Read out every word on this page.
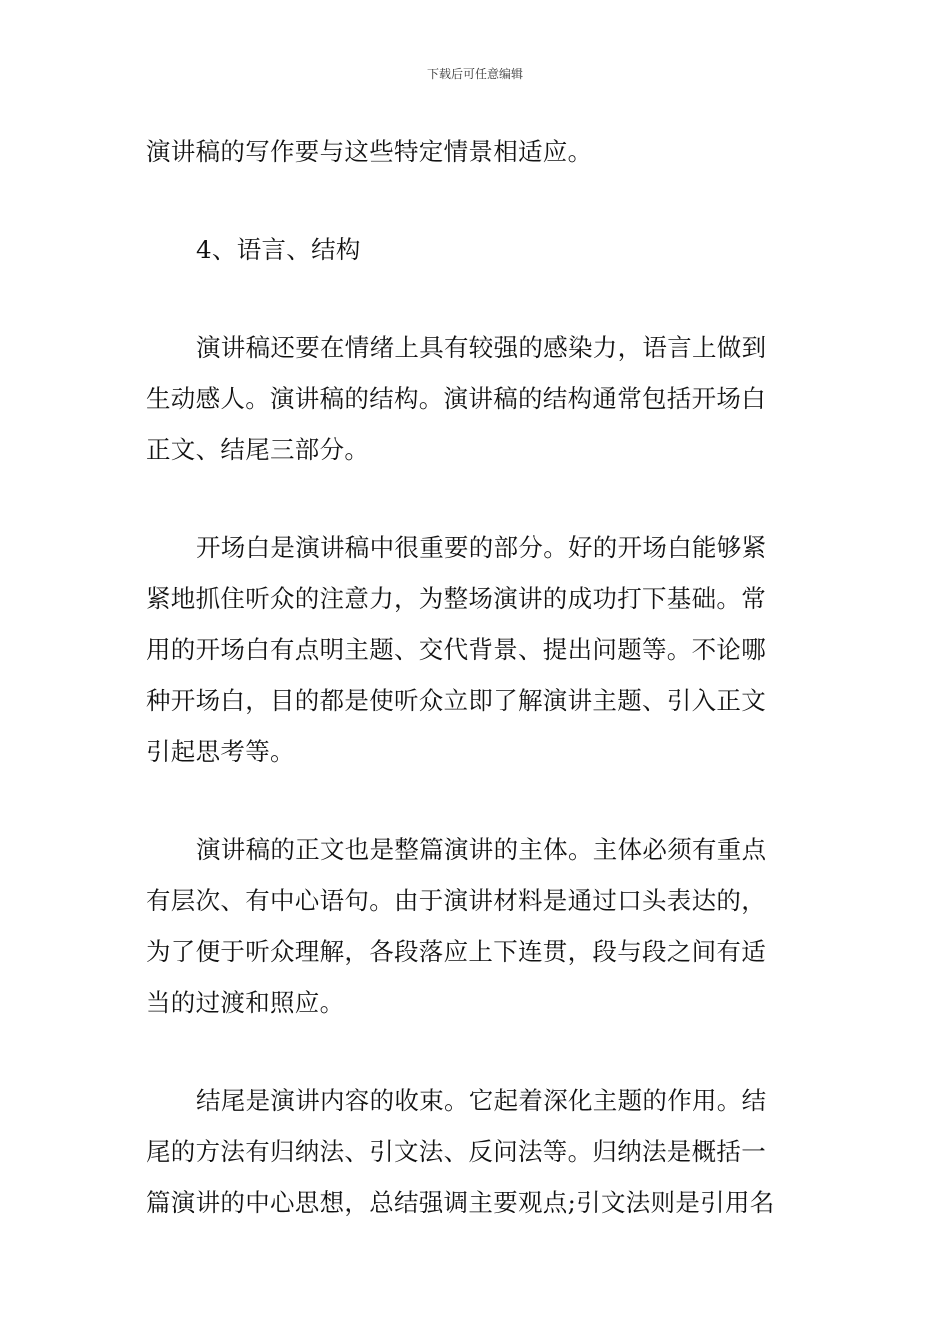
下载后可任意编辑
演讲稿的写作要与这些特定情景相适应。
4、语言、结构
演讲稿还要在情绪上具有较强的感染力，语言上做到
生动感人。演讲稿的结构。演讲稿的结构通常包括开场白
正文、结尾三部分。
开场白是演讲稿中很重要的部分。好的开场白能够紧
紧地抓住听众的注意力，为整场演讲的成功打下基础。常
用的开场白有点明主题、交代背景、提出问题等。不论哪
种开场白，目的都是使听众立即了解演讲主题、引入正文
引起思考等。
演讲稿的正文也是整篇演讲的主体。主体必须有重点
有层次、有中心语句。由于演讲材料是通过口头表达的，
为了便于听众理解，各段落应上下连贯，段与段之间有适
当的过渡和照应。
结尾是演讲内容的收束。它起着深化主题的作用。结
尾的方法有归纳法、引文法、反问法等。归纳法是概括一
篇演讲的中心思想，总结强调主要观点;引文法则是引用名
